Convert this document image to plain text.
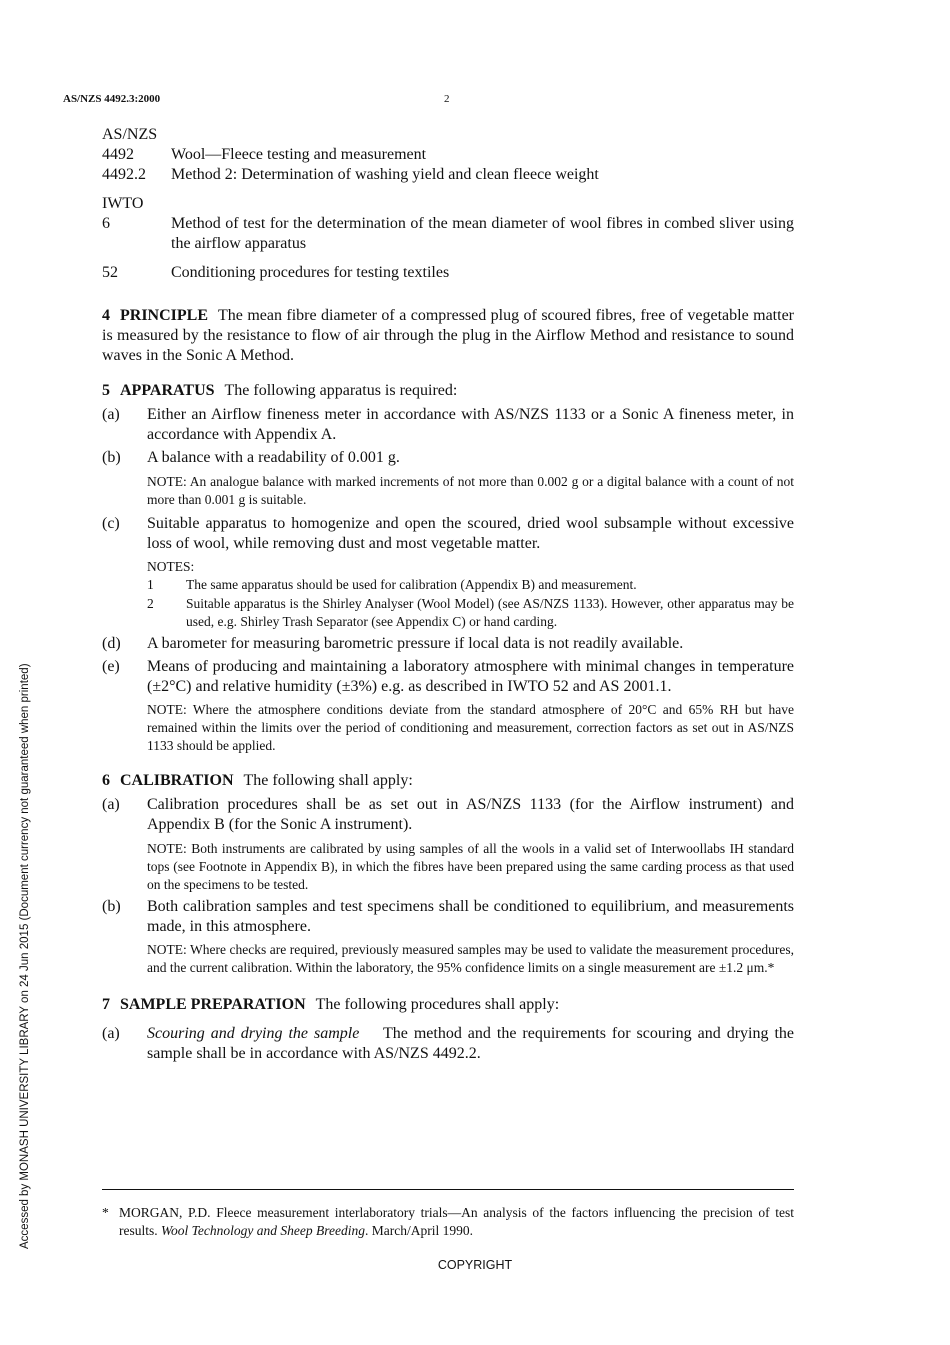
AS/NZS 4492.3:2000	2
Accessed by MONASH UNIVERSITY LIBRARY on 24 Jun 2015 (Document currency not guaranteed when printed)
AS/NZS
4492	Wool—Fleece testing and measurement
4492.2	Method 2: Determination of washing yield and clean fleece weight
IWTO
6	Method of test for the determination of the mean diameter of wool fibres in combed sliver using the airflow apparatus
52	Conditioning procedures for testing textiles
4 PRINCIPLE The mean fibre diameter of a compressed plug of scoured fibres, free of vegetable matter is measured by the resistance to flow of air through the plug in the Airflow Method and resistance to sound waves in the Sonic A Method.
5 APPARATUS The following apparatus is required:
(a)	Either an Airflow fineness meter in accordance with AS/NZS 1133 or a Sonic A fineness meter, in accordance with Appendix A.
(b)	A balance with a readability of 0.001 g.
NOTE: An analogue balance with marked increments of not more than 0.002 g or a digital balance with a count of not more than 0.001 g is suitable.
(c)	Suitable apparatus to homogenize and open the scoured, dried wool subsample without excessive loss of wool, while removing dust and most vegetable matter.
NOTES:
1	The same apparatus should be used for calibration (Appendix B) and measurement.
2	Suitable apparatus is the Shirley Analyser (Wool Model) (see AS/NZS 1133). However, other apparatus may be used, e.g. Shirley Trash Separator (see Appendix C) or hand carding.
(d)	A barometer for measuring barometric pressure if local data is not readily available.
(e)	Means of producing and maintaining a laboratory atmosphere with minimal changes in temperature (±2°C) and relative humidity (±3%) e.g. as described in IWTO 52 and AS 2001.1.
NOTE: Where the atmosphere conditions deviate from the standard atmosphere of 20°C and 65% RH but have remained within the limits over the period of conditioning and measurement, correction factors as set out in AS/NZS 1133 should be applied.
6 CALIBRATION The following shall apply:
(a)	Calibration procedures shall be as set out in AS/NZS 1133 (for the Airflow instrument) and Appendix B (for the Sonic A instrument).
NOTE: Both instruments are calibrated by using samples of all the wools in a valid set of Interwoollabs IH standard tops (see Footnote in Appendix B), in which the fibres have been prepared using the same carding process as that used on the specimens to be tested.
(b)	Both calibration samples and test specimens shall be conditioned to equilibrium, and measurements made, in this atmosphere.
NOTE: Where checks are required, previously measured samples may be used to validate the measurement procedures, and the current calibration. Within the laboratory, the 95% confidence limits on a single measurement are ±1.2 μm.*
7 SAMPLE PREPARATION The following procedures shall apply:
(a)	Scouring and drying the sample The method and the requirements for scouring and drying the sample shall be in accordance with AS/NZS 4492.2.
* MORGAN, P.D. Fleece measurement interlaboratory trials—An analysis of the factors influencing the precision of test results. Wool Technology and Sheep Breeding. March/April 1990.
COPYRIGHT
